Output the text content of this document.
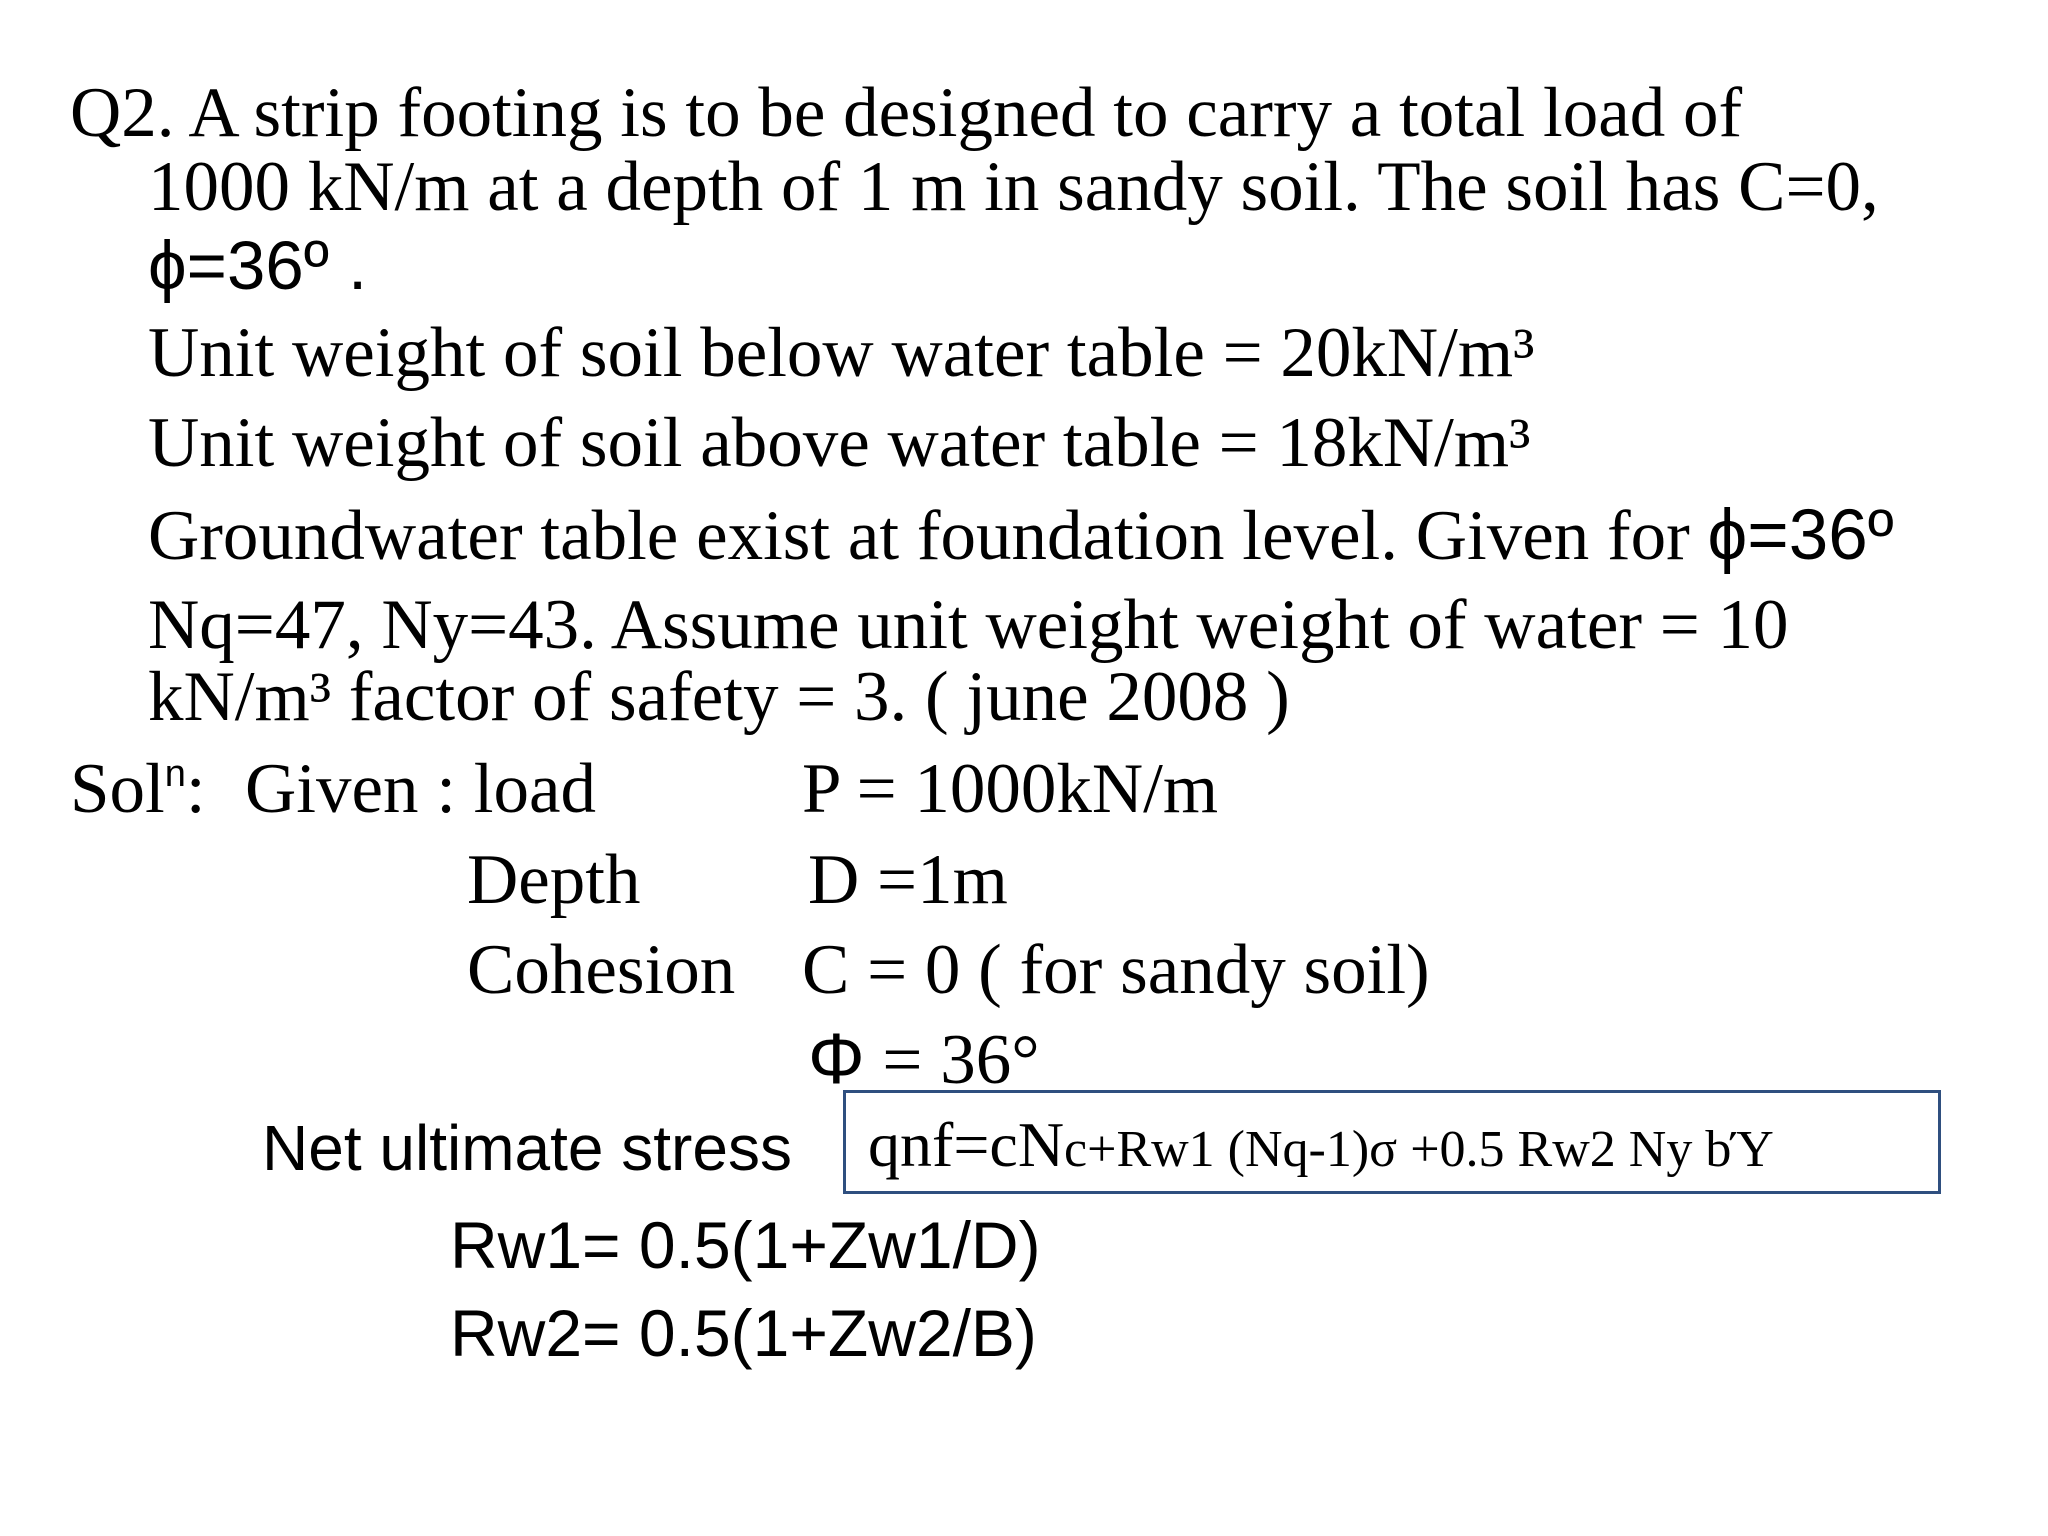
Q2. A strip footing is to be designed to carry a total load of
1000 kN/m at a depth of 1 m in sandy soil. The soil has C=0,
ϕ=36º .
Unit weight of soil below water table = 20kN/m³
Unit weight of soil above water table = 18kN/m³
Groundwater table exist at foundation level. Given for ϕ=36º
Nq=47, Ny=43. Assume unit weight weight of water = 10
kN/m³ factor of safety = 3. ( june 2008 )
Sol$^n$: Given : load	P = 1000kN/m
Depth D =1m
Cohesion C = 0 ( for sandy soil)
Φ = 36°
Net ultimate stress qnf=cNc+Rw1 (Nq-1)σ +0.5 Rw2 Ny bΎ
Rw1= 0.5(1+Zw1/D)
Rw2= 0.5(1+Zw2/B)
